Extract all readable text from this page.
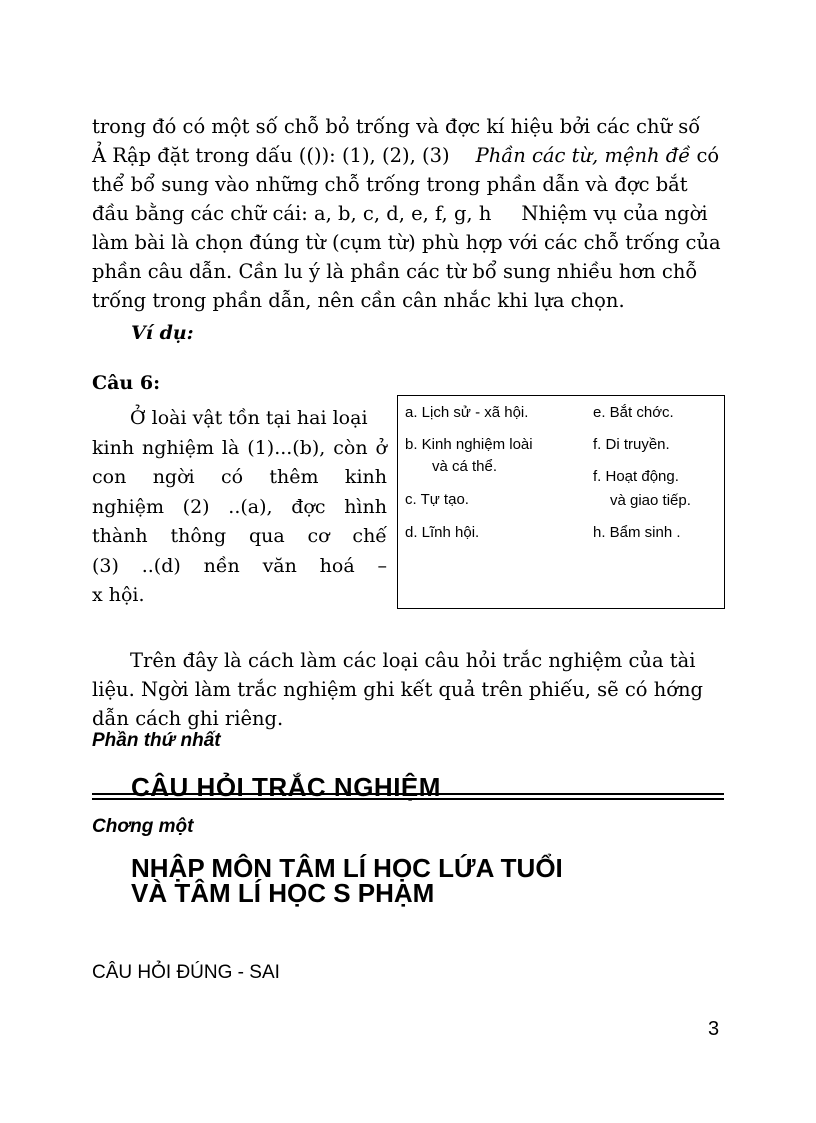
trong đó có một số chỗ bỏ trống và đợc kí hiệu bởi các chữ số
Ả Rập đặt trong dấu (()): (1), (2), (3) Phần các từ, mệnh đề có
thể bổ sung vào những chỗ trống trong phần dẫn và đợc bắt
đầu bằng các chữ cái: a, b, c, d, e, f, g, h Nhiệm vụ của ngời
làm bài là chọn đúng từ (cụm từ) phù hợp với các chỗ trống của
phần câu dẫn. Cần lu ý là phần các từ bổ sung nhiều hơn chỗ
trống trong phần dẫn, nên cần cân nhắc khi lựa chọn.
Ví dụ:
Câu 6:
Ở loài vật tồn tại hai loại
kinh nghiệm là (1)...(b), còn ở
con ngời có thêm kinh
nghiệm (2) ..(a), đợc hình
thành thông qua cơ chế
(3) ..(d) nền văn hoá –
x hội.
a. Lịch sử - xã hội.
b. Kinh nghiệm loài
và cá thể.
c. Tự tạo.
d. Lĩnh hội.
e. Bắt chớc.
f. Di truyền.
f. Hoạt động.
và giao tiếp.
h. Bẩm sinh .
Trên đây là cách làm các loại câu hỏi trắc nghiệm của tài
liệu. Ngời làm trắc nghiệm ghi kết quả trên phiếu, sẽ có hớng
dẫn cách ghi riêng.
Phần thứ nhất
CÂU HỎI TRẮC NGHIỆM
Chơng một
NHẬP MÔN TÂM LÍ HỌC LỨA TUỔI
VÀ TÂM LÍ HỌC S PHẠM
CÂU HỎI ĐÚNG - SAI
3
